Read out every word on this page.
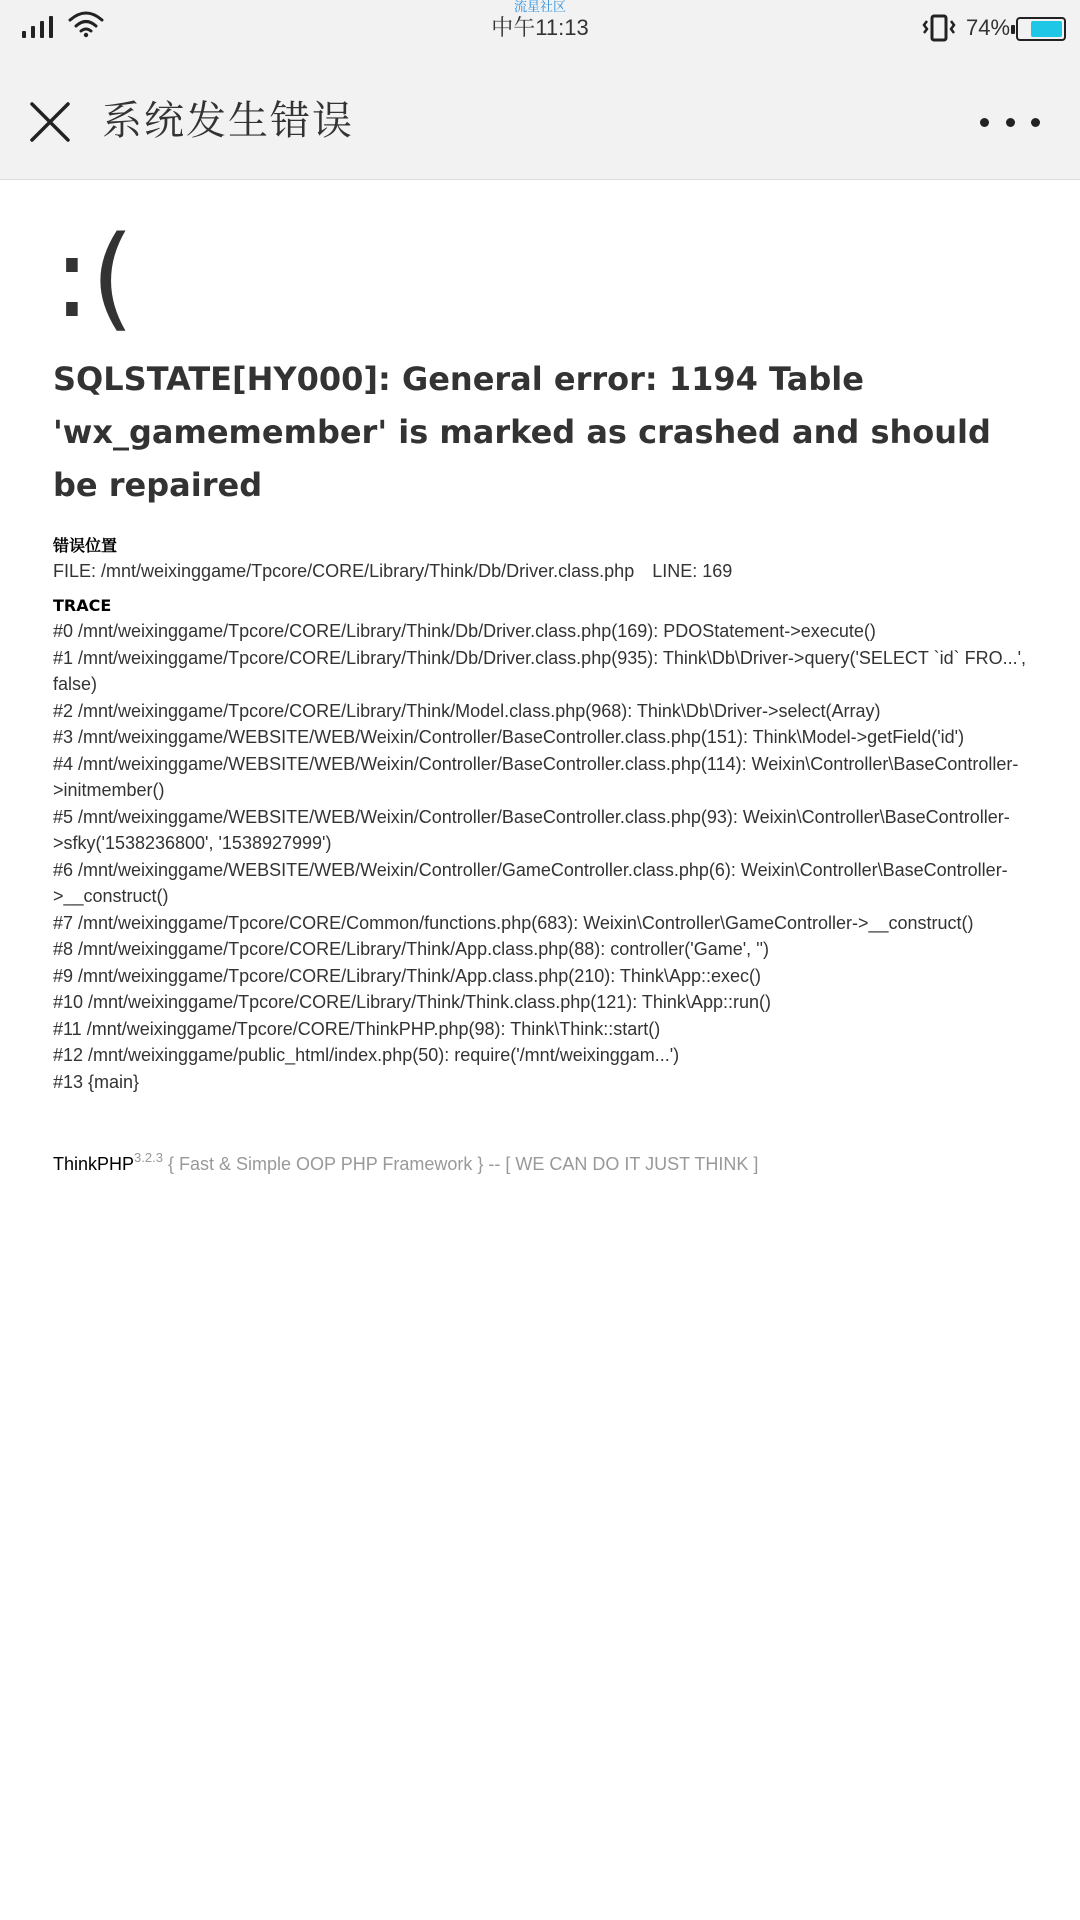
流星社区
中午11:13	74%
系统发生错误
:(
SQLSTATE[HY000]: General error: 1194 Table 'wx_gamemember' is marked as crashed and should be repaired
错误位置
FILE: /mnt/weixinggame/Tpcore/CORE/Library/Think/Db/Driver.class.php LINE: 169
TRACE
#0 /mnt/weixinggame/Tpcore/CORE/Library/Think/Db/Driver.class.php(169): PDOStatement->execute()
#1 /mnt/weixinggame/Tpcore/CORE/Library/Think/Db/Driver.class.php(935): Think\Db\Driver->query('SELECT `id` FRO...', false)
#2 /mnt/weixinggame/Tpcore/CORE/Library/Think/Model.class.php(968): Think\Db\Driver->select(Array)
#3 /mnt/weixinggame/WEBSITE/WEB/Weixin/Controller/BaseController.class.php(151): Think\Model->getField('id')
#4 /mnt/weixinggame/WEBSITE/WEB/Weixin/Controller/BaseController.class.php(114): Weixin\Controller\BaseController->initmember()
#5 /mnt/weixinggame/WEBSITE/WEB/Weixin/Controller/BaseController.class.php(93): Weixin\Controller\BaseController->sfky('1538236800', '1538927999')
#6 /mnt/weixinggame/WEBSITE/WEB/Weixin/Controller/GameController.class.php(6): Weixin\Controller\BaseController->__construct()
#7 /mnt/weixinggame/Tpcore/CORE/Common/functions.php(683): Weixin\Controller\GameController->__construct()
#8 /mnt/weixinggame/Tpcore/CORE/Library/Think/App.class.php(88): controller('Game', '')
#9 /mnt/weixinggame/Tpcore/CORE/Library/Think/App.class.php(210): Think\App::exec()
#10 /mnt/weixinggame/Tpcore/CORE/Library/Think/Think.class.php(121): Think\App::run()
#11 /mnt/weixinggame/Tpcore/CORE/ThinkPHP.php(98): Think\Think::start()
#12 /mnt/weixinggame/public_html/index.php(50): require('/mnt/weixinggam...')
#13 {main}
ThinkPHP$^{3.2.3}$ { Fast & Simple OOP PHP Framework } -- [ WE CAN DO IT JUST THINK ]
